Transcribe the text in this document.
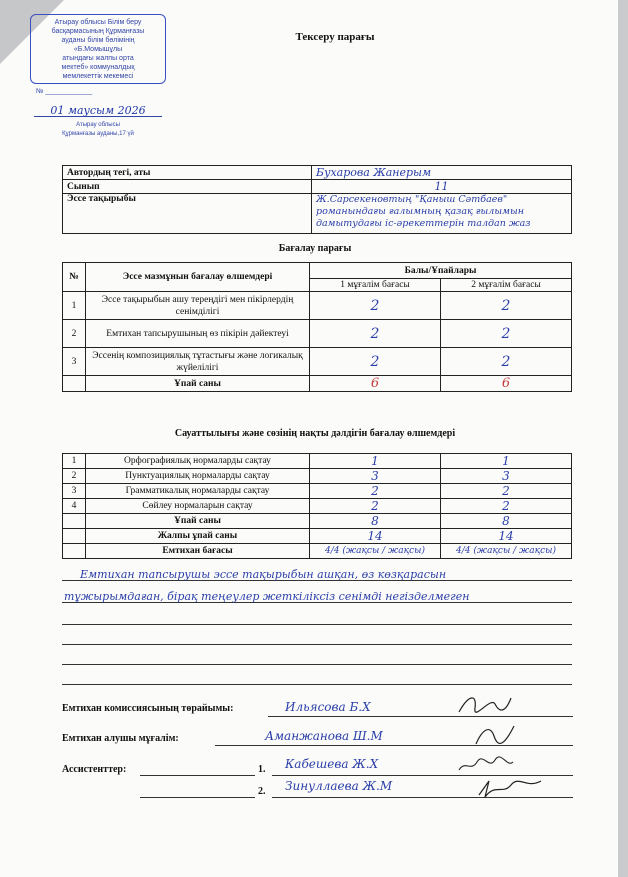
Атырау облысы Білім беру
басқармасының Құрманғазы
ауданы білім бөлімінің
«Б.Момышұлы
атындағы жалпы орта
мектеб» коммуналдық
мемлекеттік мекемесі
№ ____________
01 маусым 2026
Атырау облысы
Құрманғазы ауданы,17 үй
Тексеру парағы
Автордың тегі, аты	Бухарова Жанерым
Сынып	11
Эссе тақырыбы	Ж.Сарсекеновтың "Қаныш Сәтбаев" романындағы ғалымның қазақ ғылымын дамытудағы іс-әрекеттерін талдап жаз
Бағалау парағы
№	Эссе мазмұнын бағалау өлшемдері	Балы/Ұпайлары	
		1 мұғалім бағасы	2 мұғалім бағасы
1	Эссе тақырыбын ашу тереңдігі мен пікірлердің сенімділігі	2	2
2	Емтихан тапсырушының өз пікірін дәйектеуі	2	2
3	Эссенің композициялық тұтастығы және логикалық жүйелілігі	2	2
	Ұпай саны	6	6
Сауаттылығы және сөзінің нақты дәлдігін бағалау өлшемдері
1	Орфографиялық нормаларды сақтау	1	1
2	Пунктуациялық нормаларды сақтау	3	3
3	Грамматикалық нормаларды сақтау	2	2
4	Сөйлеу нормаларын сақтау	2	2
	Ұпай саны	8	8
	Жалпы ұпай саны	14	14
	Емтихан бағасы	4/4 (жақсы / жақсы)	4/4 (жақсы / жақсы)
Емтихан тапсырушы эссе тақырыбын ашқан, өз көзқарасын
тұжырымдаған, бірақ теңеулер жеткіліксіз сенімді негізделмеген
Емтихан комиссиясының төрайымы:	Ильясова Б.Х
Емтихан алушы мұғалім:	Аманжанова Ш.М
Ассистенттер:	1. Кабешева Ж.Х
2. Зинуллаева Ж.М
